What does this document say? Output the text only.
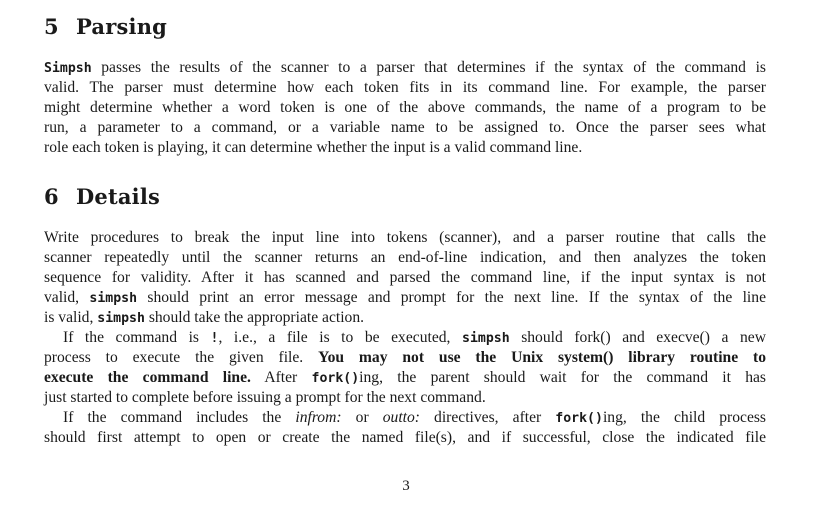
5 Parsing
Simpsh passes the results of the scanner to a parser that determines if the syntax of the command is
valid. The parser must determine how each token fits in its command line. For example, the parser
might determine whether a word token is one of the above commands, the name of a program to be
run, a parameter to a command, or a variable name to be assigned to. Once the parser sees what
role each token is playing, it can determine whether the input is a valid command line.
6 Details
Write procedures to break the input line into tokens (scanner), and a parser routine that calls the
scanner repeatedly until the scanner returns an end-of-line indication, and then analyzes the token
sequence for validity. After it has scanned and parsed the command line, if the input syntax is not
valid, simpsh should print an error message and prompt for the next line. If the syntax of the line
is valid, simpsh should take the appropriate action.
If the command is !, i.e., a file is to be executed, simpsh should fork() and execve() a new
process to execute the given file. You may not use the Unix system() library routine to
execute the command line. After fork()ing, the parent should wait for the command it has
just started to complete before issuing a prompt for the next command.
If the command includes the infrom: or outto: directives, after fork()ing, the child process
should first attempt to open or create the named file(s), and if successful, close the indicated file
3
